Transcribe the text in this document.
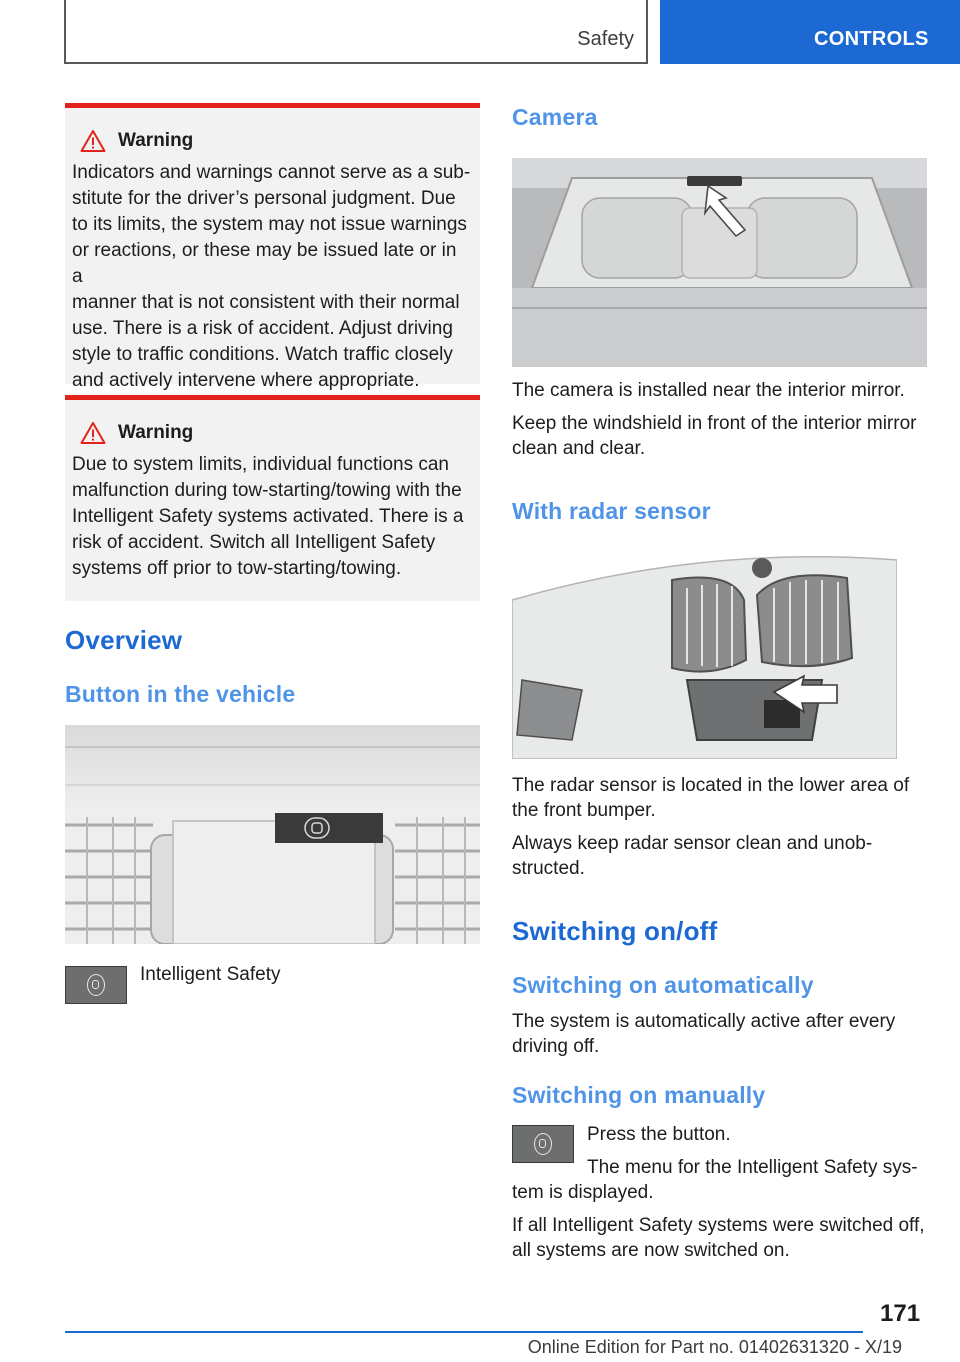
Safety	CONTROLS
Warning

Indicators and warnings cannot serve as a sub-

stitute for the driver’s personal judgment. Due

to its limits, the system may not issue warnings

or reactions, or these may be issued late or in a

manner that is not consistent with their normal

use. There is a risk of accident. Adjust driving

style to traffic conditions. Watch traffic closely

and actively intervene where appropriate.

Warning

Due to system limits, individual functions can

malfunction during tow-starting/towing with the

Intelligent Safety systems activated. There is a

risk of accident. Switch all Intelligent Safety

systems off prior to tow-starting/towing.

Overview
Button in the vehicle

Intelligent Safety

Camera

The camera is installed near the interior mirror.

Keep the windshield in front of the interior mirror

clean and clear.

With radar sensor

The radar sensor is located in the lower area of

the front bumper.

Always keep radar sensor clean and unob-

structed.

Switching on/off
Switching on automatically

The system is automatically active after every

driving off.

Switching on manually

Press the button.

The menu for the Intelligent Safety sys-

tem is displayed.

If all Intelligent Safety systems were switched off,

all systems are now switched on.

171
Online Edition for Part no. 01402631320 - X/19
